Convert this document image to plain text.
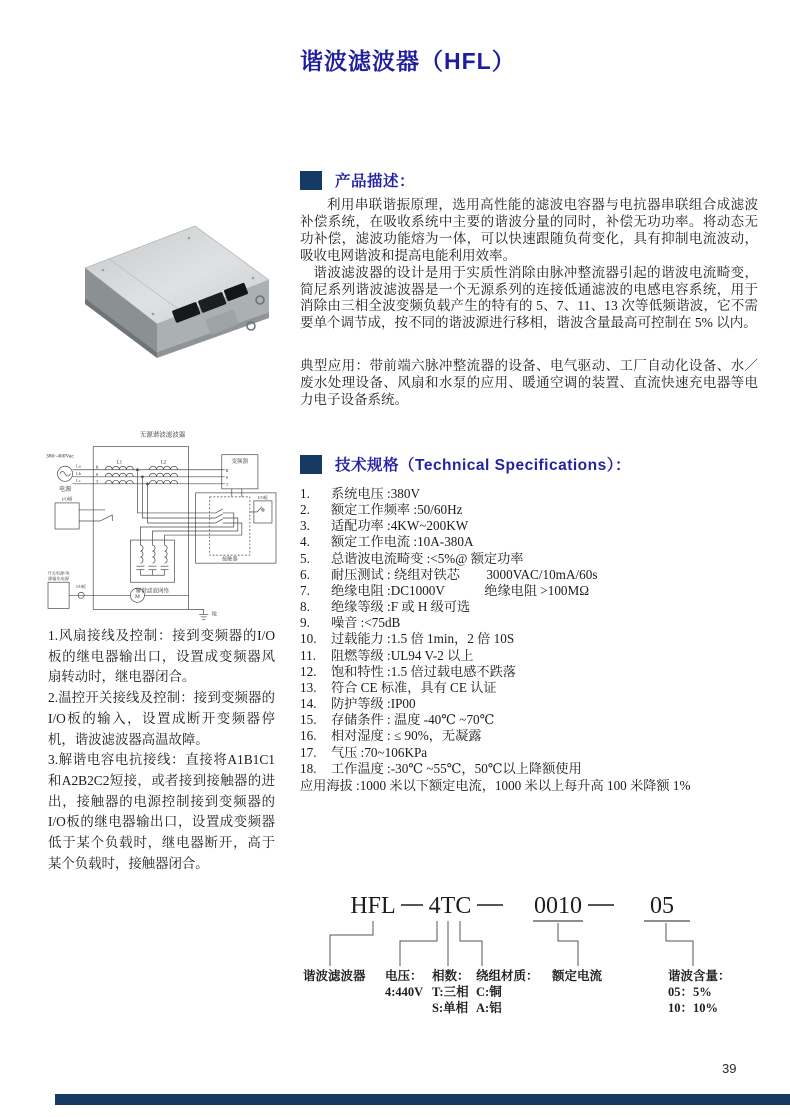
谐波滤波器（HFL）
产品描述：

利用串联谐振原理，选用高性能的滤波电容器与电抗器串联组合成滤波补偿系统，在吸收系统中主要的谐波分量的同时，补偿无功功率。将动态无功补偿，滤波功能熔为一体，可以快速跟随负荷变化，具有抑制电流波动，吸收电网谐波和提高电能利用效率。

谐波滤波器的设计是用于实质性消除由脉冲整流器引起的谐波电流畸变，简尼系列谐波滤波器是一个无源系列的连接低通滤波的电感电容系统，用于消除由三相全波变频负载产生的特有的 5、7、11、13 次等低频谐波，它不需要单个调节成，按不同的谐波源进行移相，谐波含量最高可控制在 5% 以内。

典型应用：带前端六脉冲整流器的设备、电气驱动、工厂自动化设备、水／废水处理设备、风扇和水泵的应用、暖通空调的装置、直流快速充电器等电力电子设备系统。

无源谐波滤波器
380~400Vac
电源
La
Lb
Lc
R
S
T
L1	L2	变频器
R
S
T
接触器
I/O板
I/O板
I/O板
M
解谐滤波网络
开关电源/电
源输出电源
地
技术规格（Technical Specifications）：
1.	系统电压 :380V
2.	额定工作频率 :50/60Hz
3.	适配功率 :4KW~200KW
4.	额定工作电流 :10A-380A
5.	总谐波电流畸变 :<5%@ 额定功率
6.	耐压测试 : 绕组对铁芯　　3000VAC/10mA/60s
7.	绝缘电阻 :DC1000V　　　绝缘电阻 >100MΩ
8.	绝缘等级 :F 或 H 级可选
9.	噪音 :<75dB
10.	过载能力 :1.5 倍 1min，2 倍 10S
11.	阻燃等级 :UL94 V-2 以上
12.	饱和特性 :1.5 倍过载电感不跌落
13.	符合 CE 标准，具有 CE 认证
14.	防护等级 :IP00
15.	存储条件 : 温度 -40℃ ~70℃
16.	相对湿度 : ≤ 90%，无凝露
17.	气压 :70~106KPa
18.	工作温度 :-30℃ ~55℃，50℃以上降额使用
应用海拔 :1000 米以下额定电流，1000 米以上每升高 100 米降额 1%

1.风扇接线及控制：接到变频器的I/O板的继电器输出口，设置成变频器风扇转动时，继电器闭合。

2.温控开关接线及控制：接到变频器的I/O板的输入，设置成断开变频器停机，谐波滤波器高温故障。

3.解谐电容电抗接线：直接将A1B1C1和A2B2C2短接，或者接到接触器的进出，接触器的电源控制接到变频器的I/O板的继电器输出口，设置成变频器低于某个负载时，继电器断开，高于某个负载时，接触器闭合。

HFL 4TC	0010	05
谐波滤波器 电压：
4:440V
相数：
T:三相
S:单相
绕组材质：
C:铜
A:铝
额定电流	谐波含量：
05：5%
10：10%
39
